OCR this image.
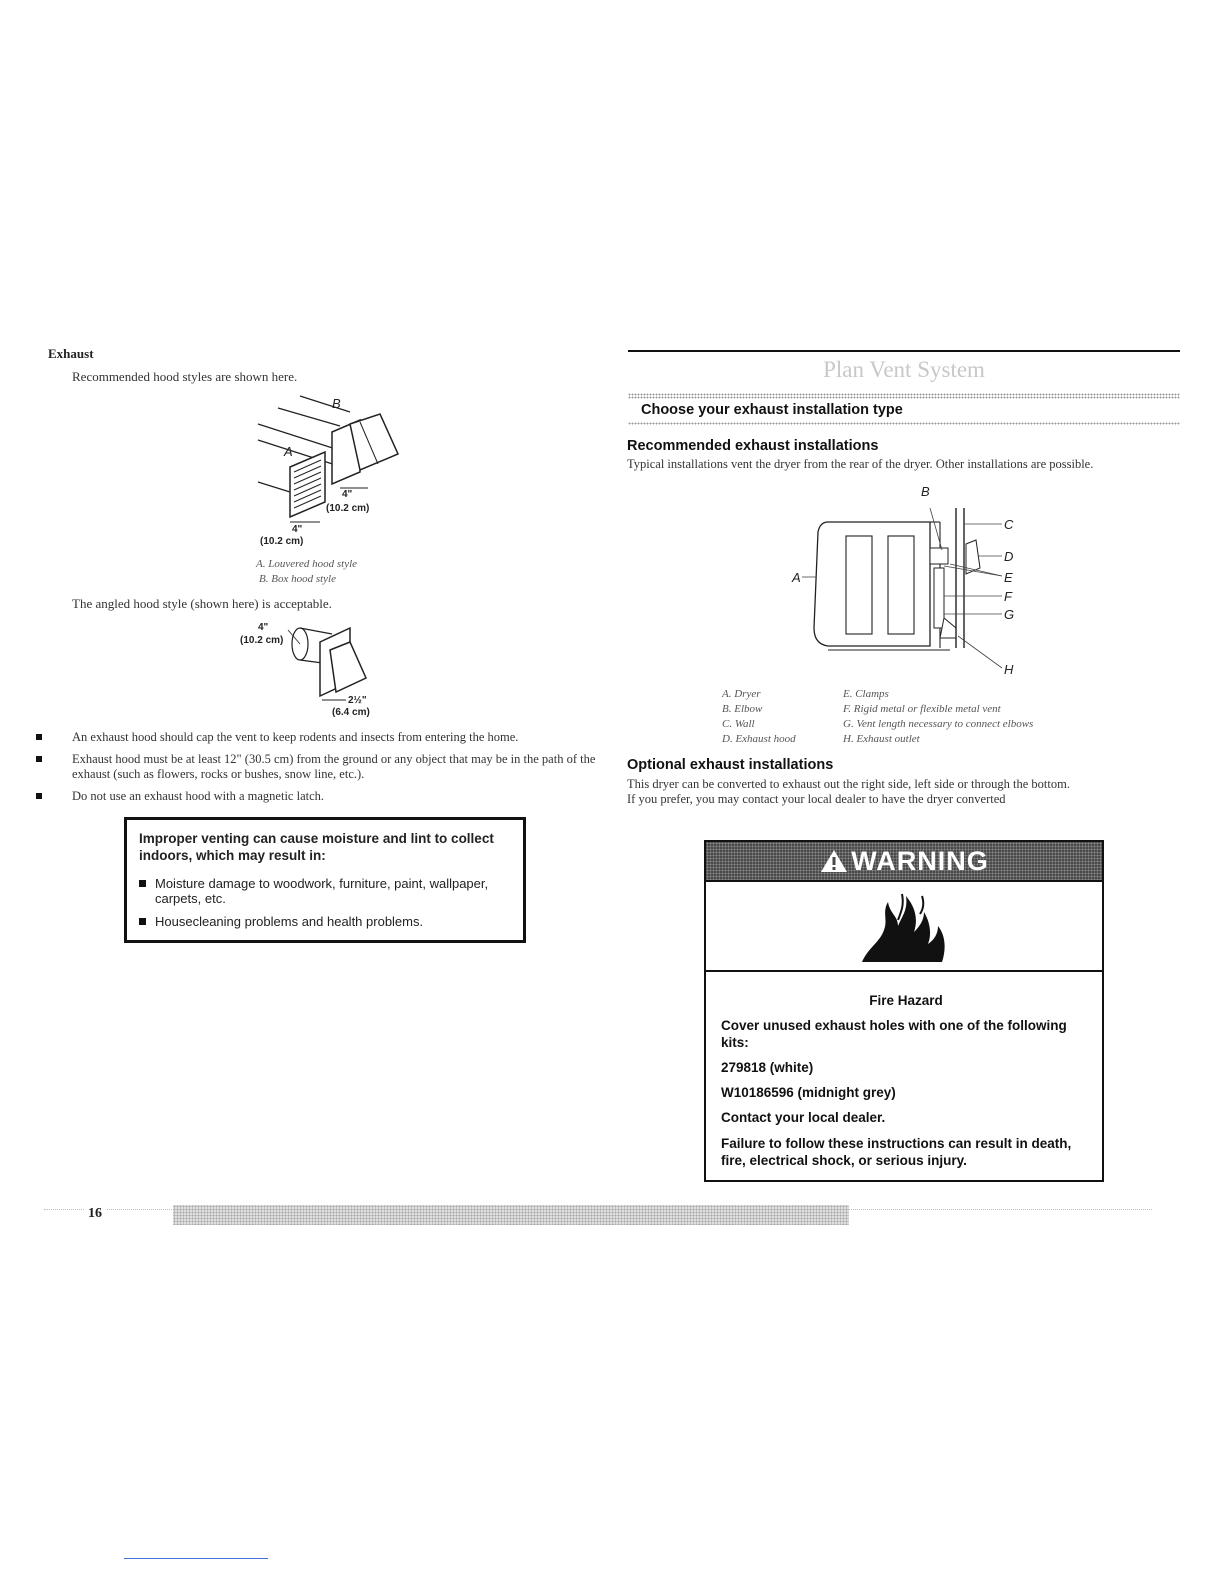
Exhaust
Recommended hood styles are shown here.
4"
(10.2 cm)
4"
(10.2 cm)
A
B
A. Louvered hood style
B. Box hood style
The angled hood style (shown here) is acceptable.
4"
(10.2 cm)
2½"
(6.4 cm)
An exhaust hood should cap the vent to keep rodents and insects from entering the home.
Exhaust hood must be at least 12" (30.5 cm) from the ground or any object that may be in the path of the exhaust (such as flowers, rocks or bushes, snow line, etc.).
Do not use an exhaust hood with a magnetic latch.
Improper venting can cause moisture and lint to collect indoors, which may result in:
Moisture damage to woodwork, furniture, paint, wallpaper, carpets, etc.
Housecleaning problems and health problems.
Plan Vent System
Choose your exhaust installation type
Recommended exhaust installations
Typical installations vent the dryer from the rear of the dryer. Other installations are possible.
A
B
C
D
E
F
G
H
A. Dryer
B. Elbow
C. Wall
D. Exhaust hood
E. Clamps
F. Rigid metal or flexible metal vent
G. Vent length necessary to connect elbows
H. Exhaust outlet
Optional exhaust installations
This dryer can be converted to exhaust out the right side, left side or through the bottom.
If you prefer, you may contact your local dealer to have the dryer converted
WARNING
Fire Hazard
Cover unused exhaust holes with one of the following kits:
279818 (white)
W10186596 (midnight grey)
Contact your local dealer.
Failure to follow these instructions can result in death, fire, electrical shock, or serious injury.
16
